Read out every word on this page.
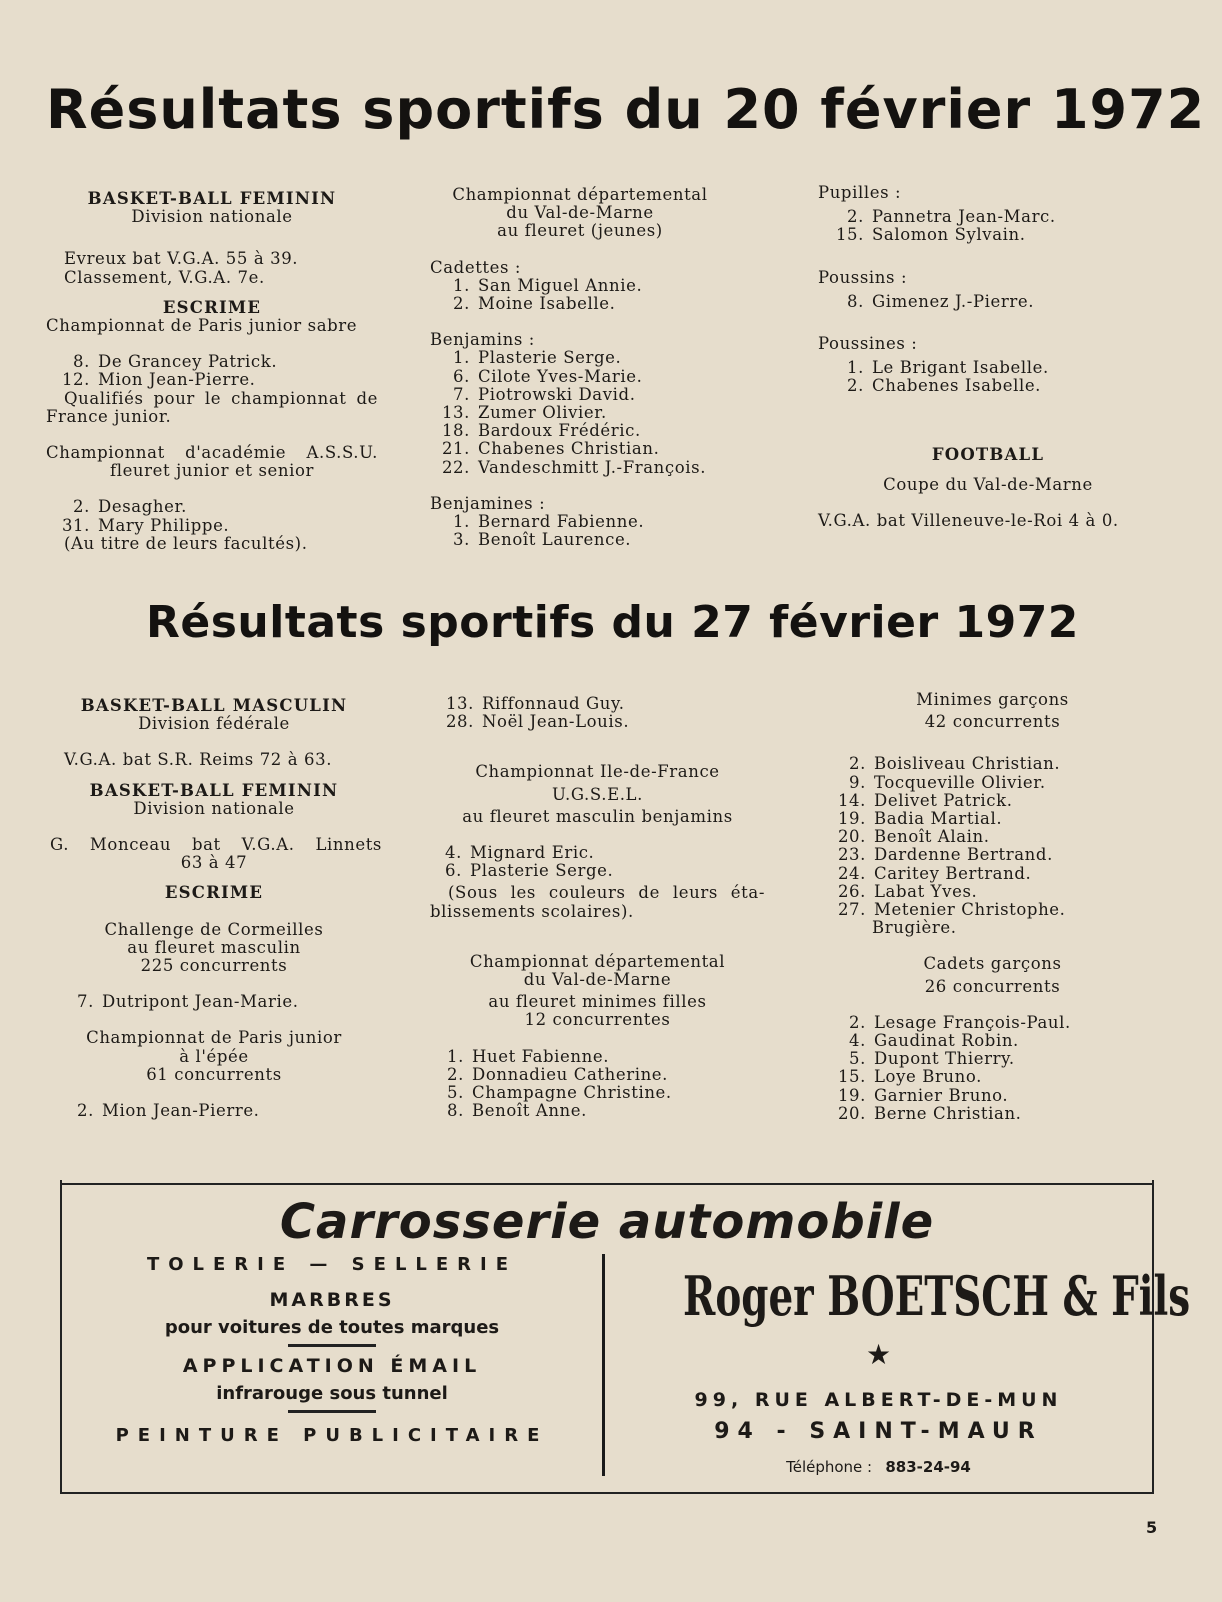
Résultats sportifs du 20 février 1972
BASKET-BALL FEMININ
Division nationale
Evreux bat V.G.A. 55 à 39.
Classement, V.G.A. 7e.
ESCRIME
Championnat de Paris junior sabre
8. De Grancey Patrick.
12. Mion Jean-Pierre.
Qualifiés pour le championnat de
France junior.
Championnat d'académie A.S.S.U.
fleuret junior et senior
2. Desagher.
31. Mary Philippe.
(Au titre de leurs facultés).
Championnat départemental
du Val-de-Marne
au fleuret (jeunes)
Cadettes :
1. San Miguel Annie.
2. Moine Isabelle.
Benjamins :
1. Plasterie Serge.
6. Cilote Yves-Marie.
7. Piotrowski David.
13. Zumer Olivier.
18. Bardoux Frédéric.
21. Chabenes Christian.
22. Vandeschmitt J.-François.
Benjamines :
1. Bernard Fabienne.
3. Benoît Laurence.
Pupilles :
2. Pannetra Jean-Marc.
15. Salomon Sylvain.
Poussins :
8. Gimenez J.-Pierre.
Poussines :
1. Le Brigant Isabelle.
2. Chabenes Isabelle.
FOOTBALL
Coupe du Val-de-Marne
V.G.A. bat Villeneuve-le-Roi 4 à 0.
Résultats sportifs du 27 février 1972
BASKET-BALL MASCULIN
Division fédérale
V.G.A. bat S.R. Reims 72 à 63.
BASKET-BALL FEMININ
Division nationale
G. Monceau bat V.G.A. Linnets
63 à 47
ESCRIME
Challenge de Cormeilles
au fleuret masculin
225 concurrents
7. Dutripont Jean-Marie.
Championnat de Paris junior
à l'épée
61 concurrents
2. Mion Jean-Pierre.
13. Riffonnaud Guy.
28. Noël Jean-Louis.
Championnat Ile-de-France
U.G.S.E.L.
au fleuret masculin benjamins
4. Mignard Eric.
6. Plasterie Serge.
(Sous les couleurs de leurs éta-
blissements scolaires).
Championnat départemental
du Val-de-Marne
au fleuret minimes filles
12 concurrentes
1. Huet Fabienne.
2. Donnadieu Catherine.
5. Champagne Christine.
8. Benoît Anne.
Minimes garçons
42 concurrents
2. Boisliveau Christian.
9. Tocqueville Olivier.
14. Delivet Patrick.
19. Badia Martial.
20. Benoît Alain.
23. Dardenne Bertrand.
24. Caritey Bertrand.
26. Labat Yves.
27. Metenier Christophe.
Brugière.
Cadets garçons
26 concurrents
2. Lesage François-Paul.
4. Gaudinat Robin.
5. Dupont Thierry.
15. Loye Bruno.
19. Garnier Bruno.
20. Berne Christian.
Carrosserie automobile
TOLERIE — SELLERIE
MARBRES
pour voitures de toutes marques
APPLICATION ÉMAIL
infrarouge sous tunnel
PEINTURE PUBLICITAIRE
Roger BOETSCH & Fils
★
99, RUE ALBERT-DE-MUN
94 - SAINT-MAUR
Téléphone : 883-24-94
5
